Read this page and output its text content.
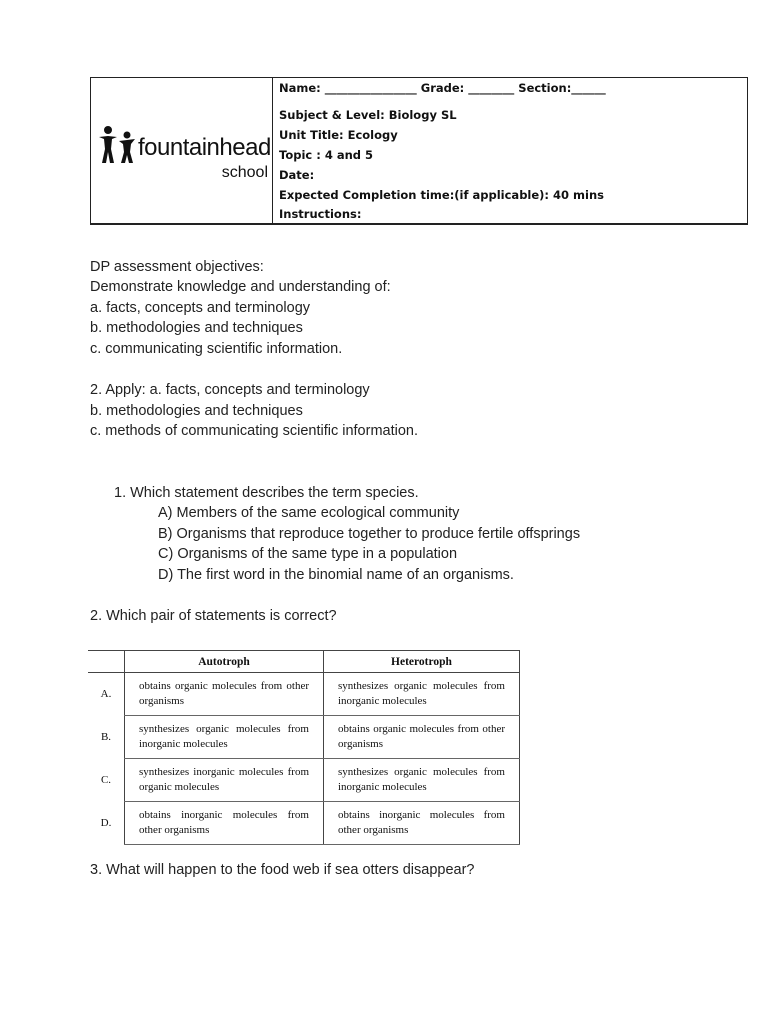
fountainhead
school
Name: ________________ Grade: ________ Section:______
Subject & Level: Biology SL
Unit Title: Ecology
Topic : 4 and 5
Date:
Expected Completion time:(if applicable): 40 mins
Instructions:
DP assessment objectives:
Demonstrate knowledge and understanding of:
a. facts, concepts and terminology
b. methodologies and techniques
c. communicating scientific information.
2. Apply: a. facts, concepts and terminology
b. methodologies and techniques
c. methods of communicating scientific information.
1. Which statement describes the term species.
A) Members of the same ecological community
B) Organisms that reproduce together to produce fertile offsprings
C) Organisms of the same type in a population
D) The first word in the binomial name of an organisms.
2. Which pair of statements is correct?
	Autotroph	Heterotroph
A.	obtains organic molecules from other organisms	synthesizes organic molecules from inorganic molecules
B.	synthesizes organic molecules from inorganic molecules	obtains organic molecules from other organisms
C.	synthesizes inorganic molecules from organic molecules	synthesizes organic molecules from inorganic molecules
D.	obtains inorganic molecules from other organisms	obtains inorganic molecules from other organisms
3. What will happen to the food web if sea otters disappear?
